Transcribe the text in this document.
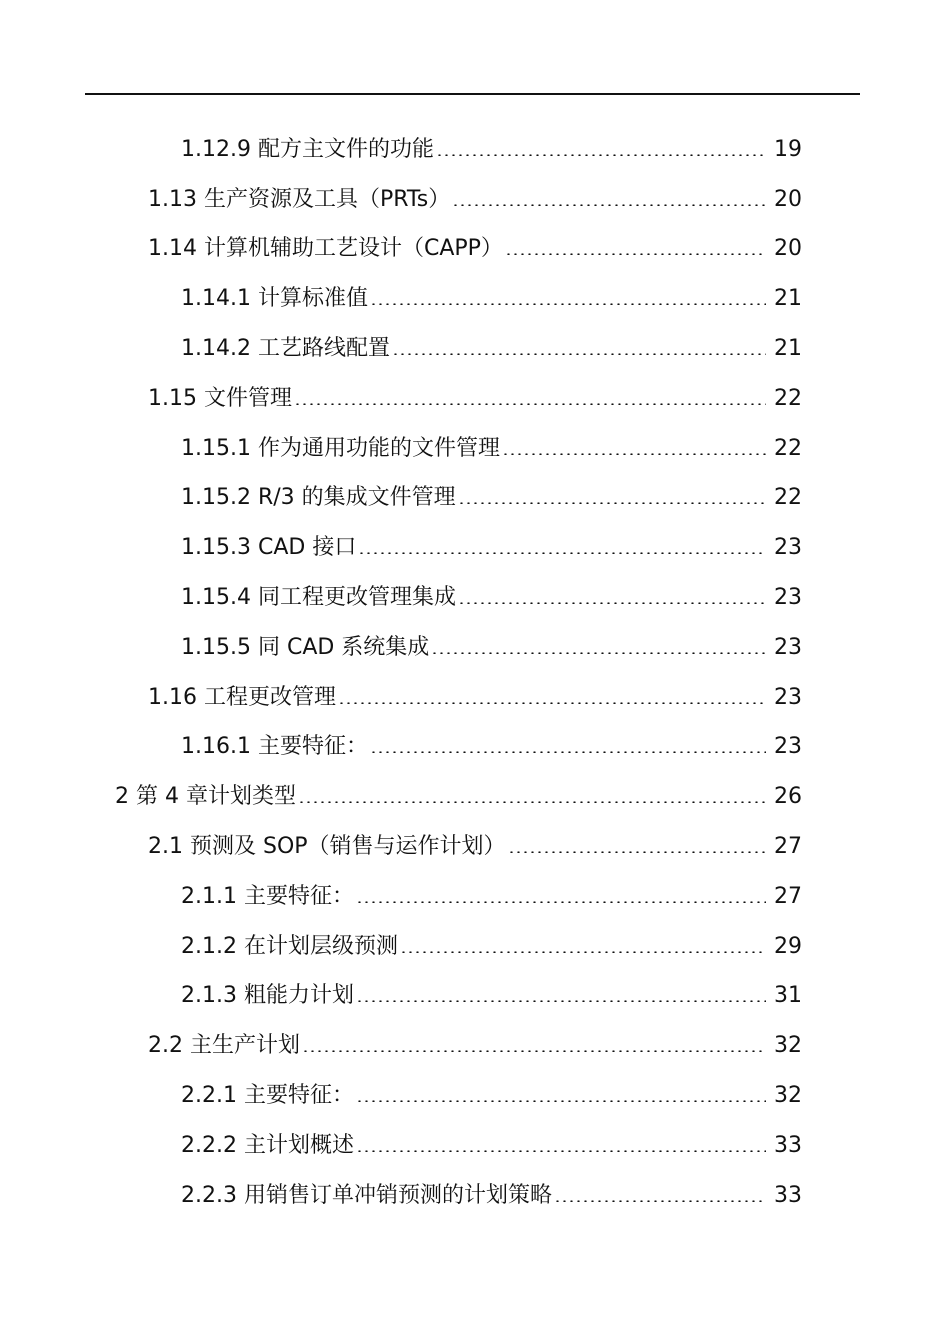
1.12.9 配方主文件的功能	19
1.13 生产资源及工具（PRTs）	20
1.14 计算机辅助工艺设计（CAPP）	20
1.14.1 计算标准值	21
1.14.2 工艺路线配置	21
1.15 文件管理	22
1.15.1 作为通用功能的文件管理	22
1.15.2 R/3 的集成文件管理	22
1.15.3 CAD 接口	23
1.15.4 同工程更改管理集成	23
1.15.5 同 CAD 系统集成	23
1.16 工程更改管理	23
1.16.1 主要特征：	23
2 第 4 章计划类型	26
2.1 预测及 SOP（销售与运作计划）	27
2.1.1 主要特征：	27
2.1.2 在计划层级预测	29
2.1.3 粗能力计划	31
2.2 主生产计划	32
2.2.1 主要特征：	32
2.2.2 主计划概述	33
2.2.3 用销售订单冲销预测的计划策略	33
